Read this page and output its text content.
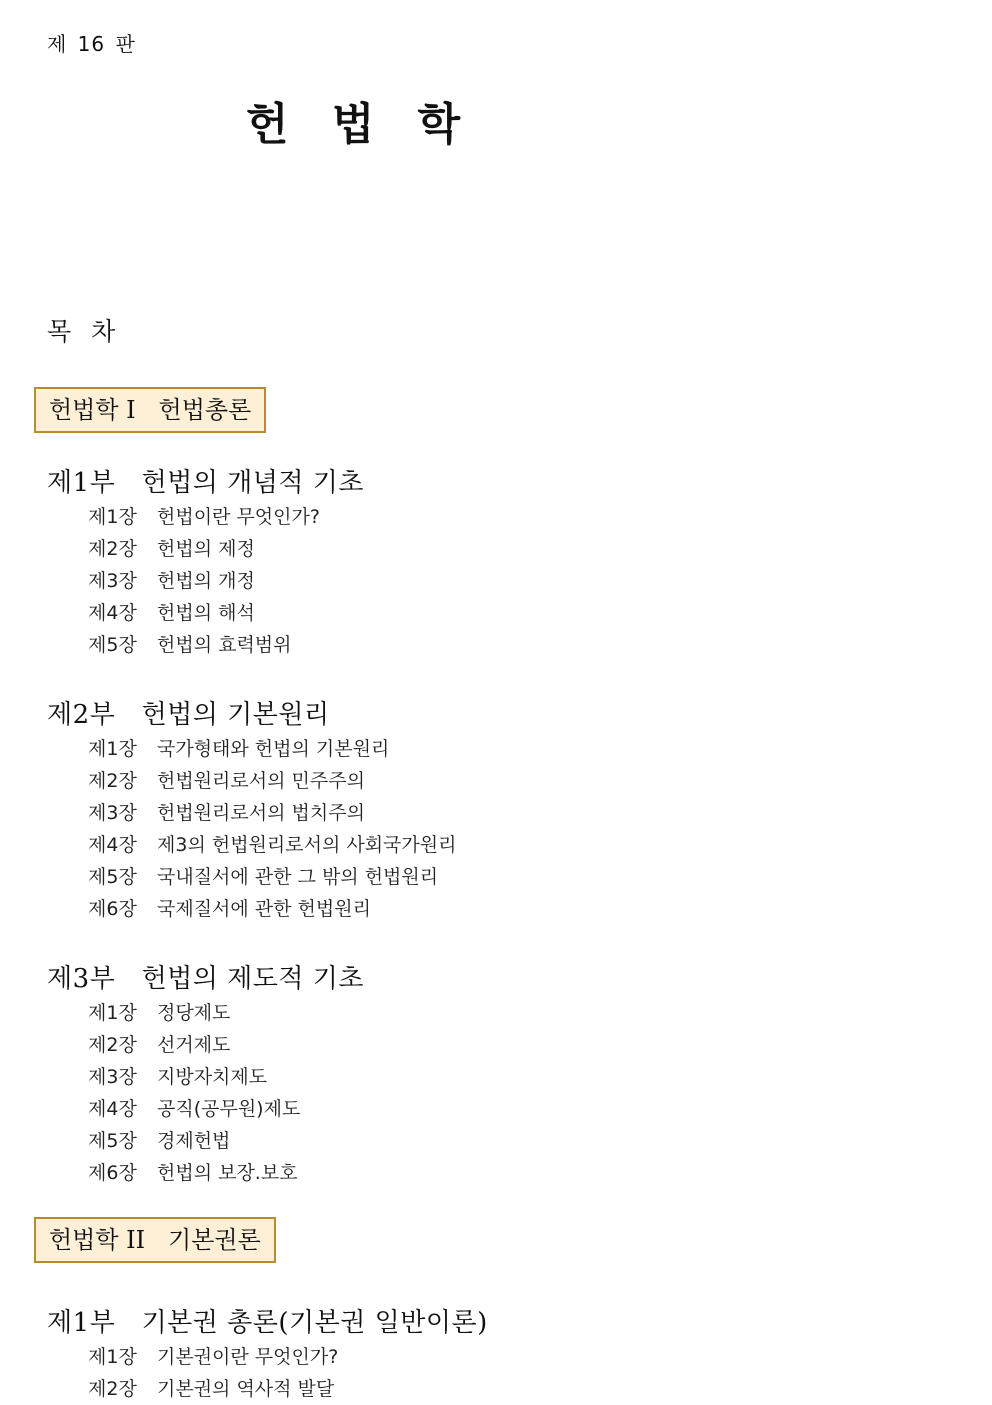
제 16 판
헌 법 학
목 차
헌법학 I   헌법총론
제1부   헌법의 개념적 기초
제1장 헌법이란 무엇인가?
제2장 헌법의 제정
제3장 헌법의 개정
제4장 헌법의 해석
제5장 헌법의 효력범위
제2부   헌법의 기본원리
제1장 국가형태와 헌법의 기본원리
제2장 헌법원리로서의 민주주의
제3장 헌법원리로서의 법치주의
제4장 제3의 헌법원리로서의 사회국가원리
제5장 국내질서에 관한 그 밖의 헌법원리
제6장 국제질서에 관한 헌법원리
제3부   헌법의 제도적 기초
제1장 정당제도
제2장 선거제도
제3장 지방자치제도
제4장 공직(공무원)제도
제5장 경제헌법
제6장 헌법의 보장.보호
헌법학 II   기본권론
제1부   기본권 총론(기본권 일반이론)
제1장 기본권이란 무엇인가?
제2장 기본권의 역사적 발달
